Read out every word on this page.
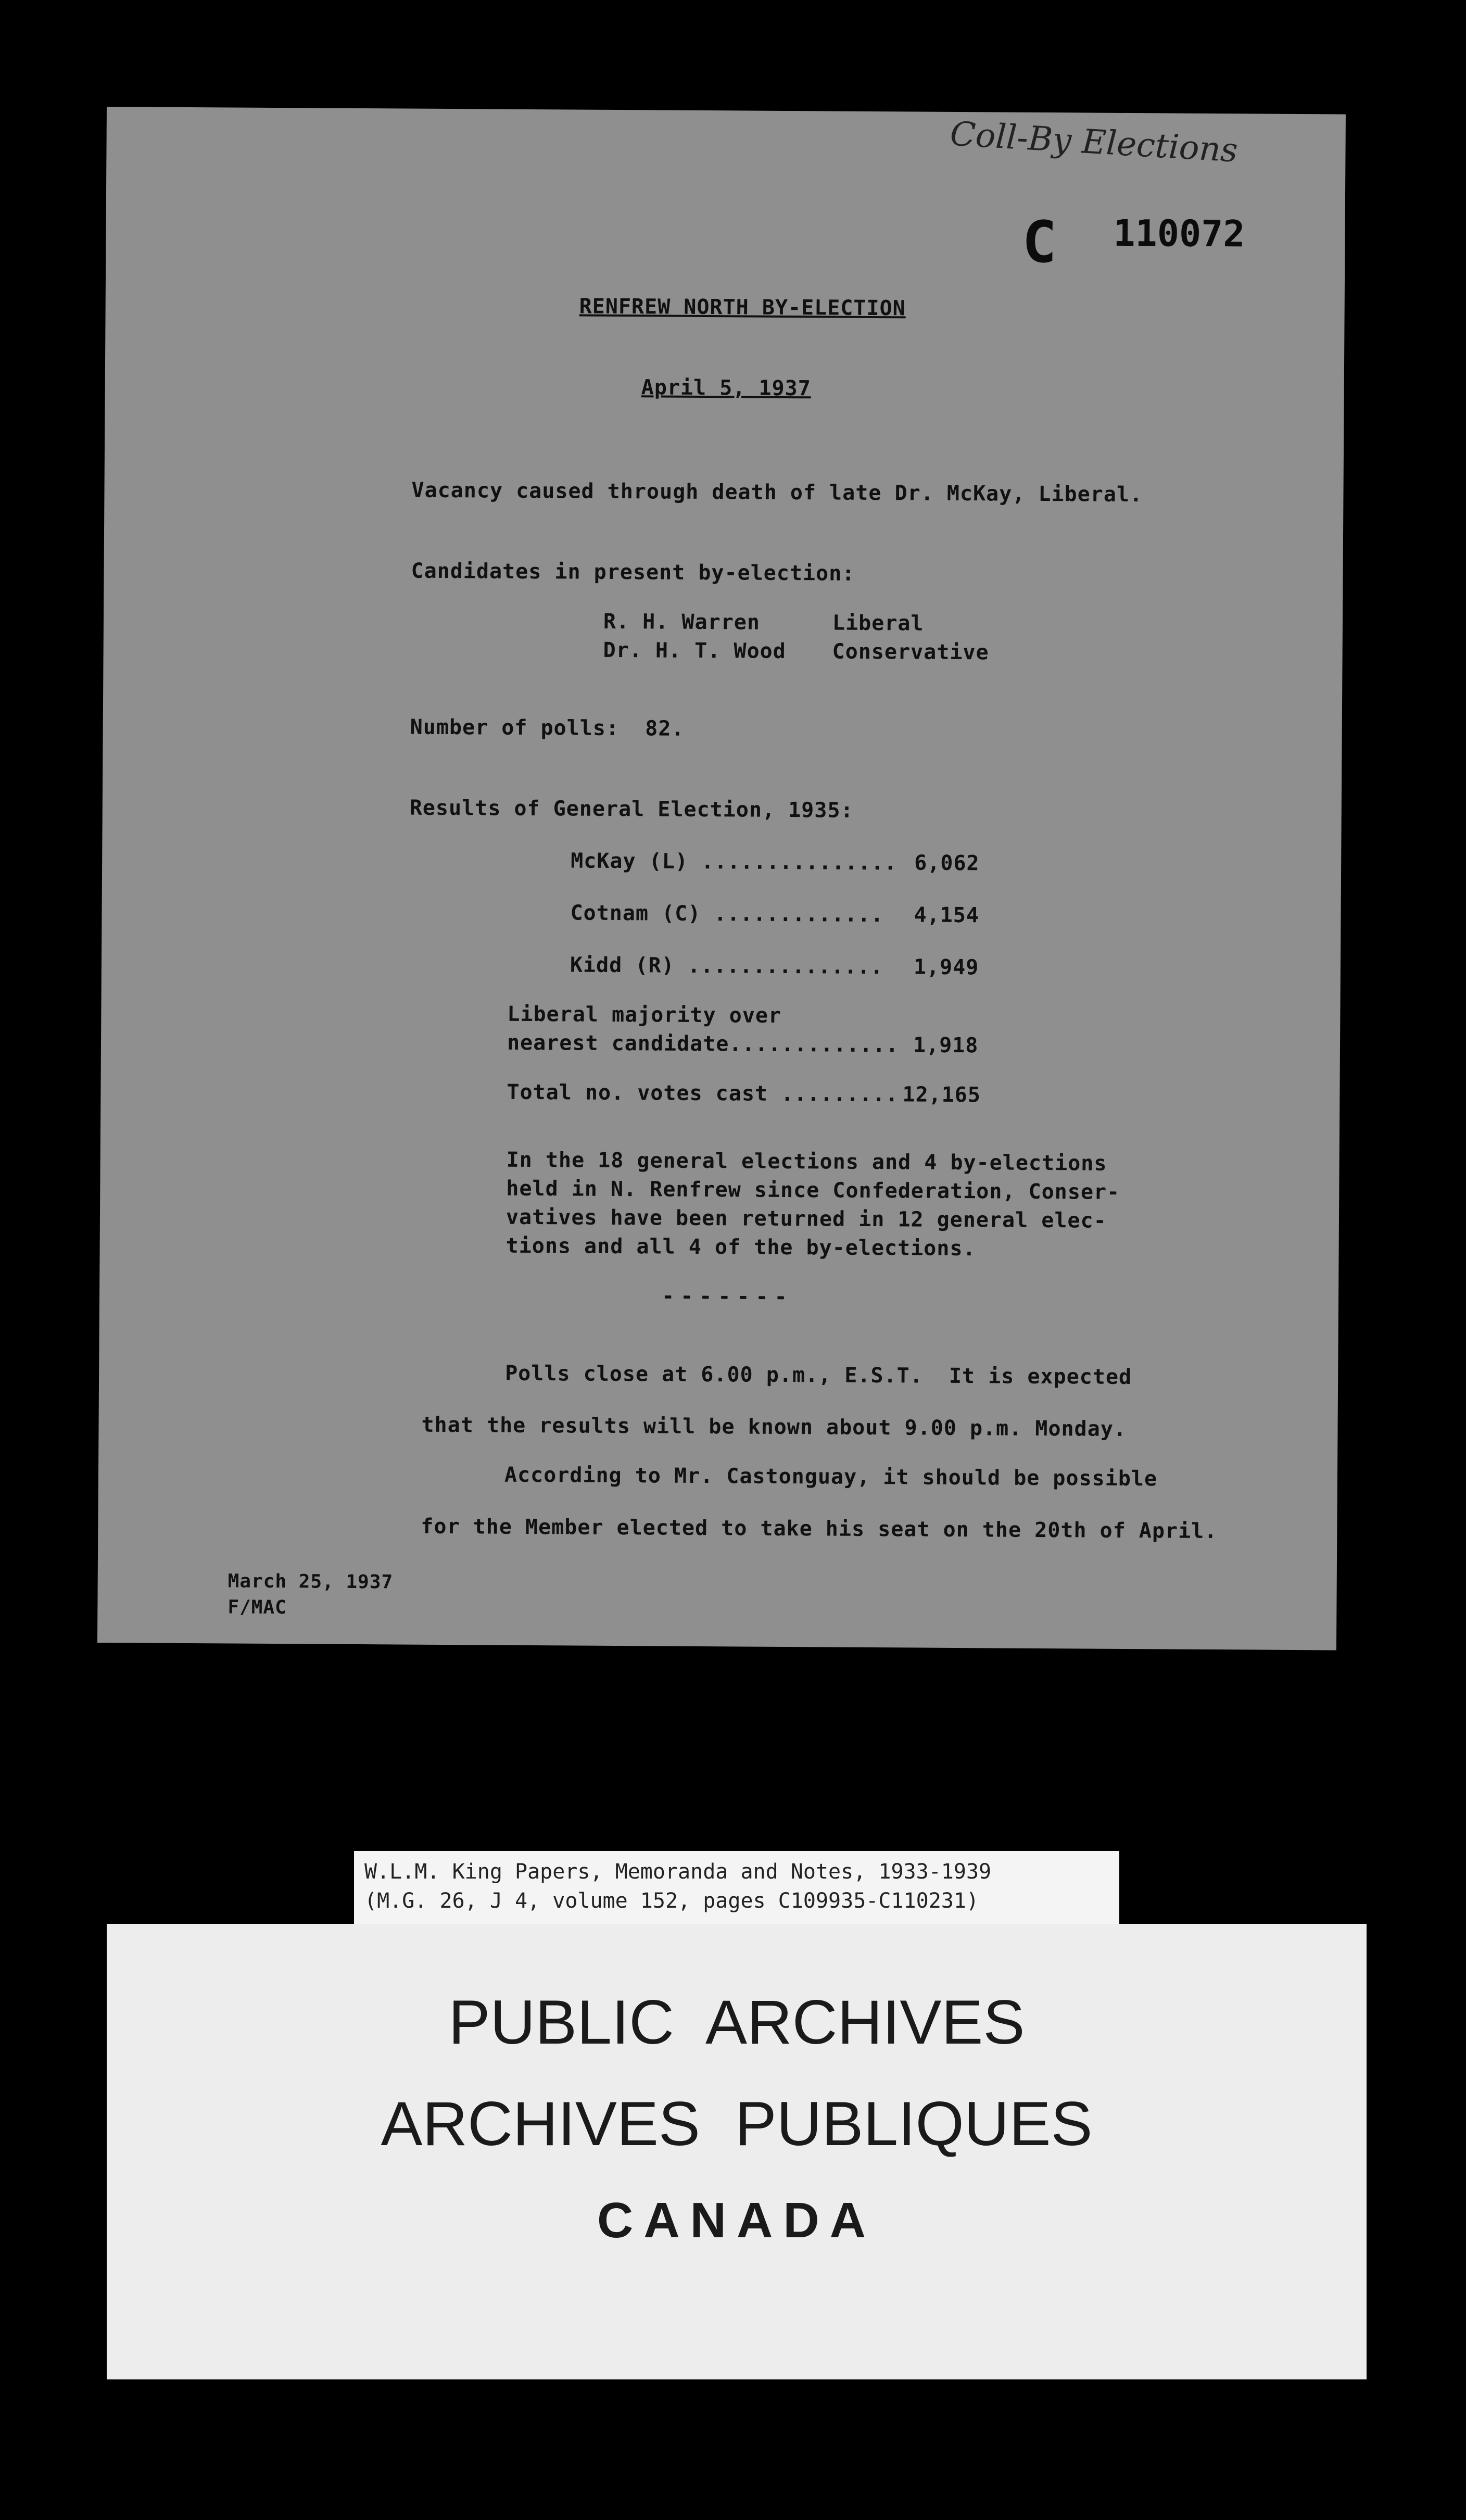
Coll-By Elections
C 110072
RENFREW NORTH BY-ELECTION
April 5, 1937
Vacancy caused through death of late Dr. McKay, Liberal.
Candidates in present by-election:
R. H. Warren	Liberal
Dr. H. T. Wood Conservative
Number of polls:  82.
Results of General Election, 1935:
McKay (L) ............... 6,062
Cotnam (C) ............. 4,154
Kidd (R) ............... 1,949
Liberal majority over
nearest candidate............. 1,918
Total no. votes cast ......... 12,165
In the 18 general elections and 4 by-elections
held in N. Renfrew since Confederation, Conser-
vatives have been returned in 12 general elec-
tions and all 4 of the by-elections.
-------
Polls close at 6.00 p.m., E.S.T.  It is expected
that the results will be known about 9.00 p.m. Monday.
According to Mr. Castonguay, it should be possible
for the Member elected to take his seat on the 20th of April.
March 25, 1937
F/MAC
W.L.M. King Papers, Memoranda and Notes, 1933-1939
(M.G. 26, J 4, volume 152, pages C109935-C110231)
PUBLIC  ARCHIVES
ARCHIVES  PUBLIQUES
CANADA
